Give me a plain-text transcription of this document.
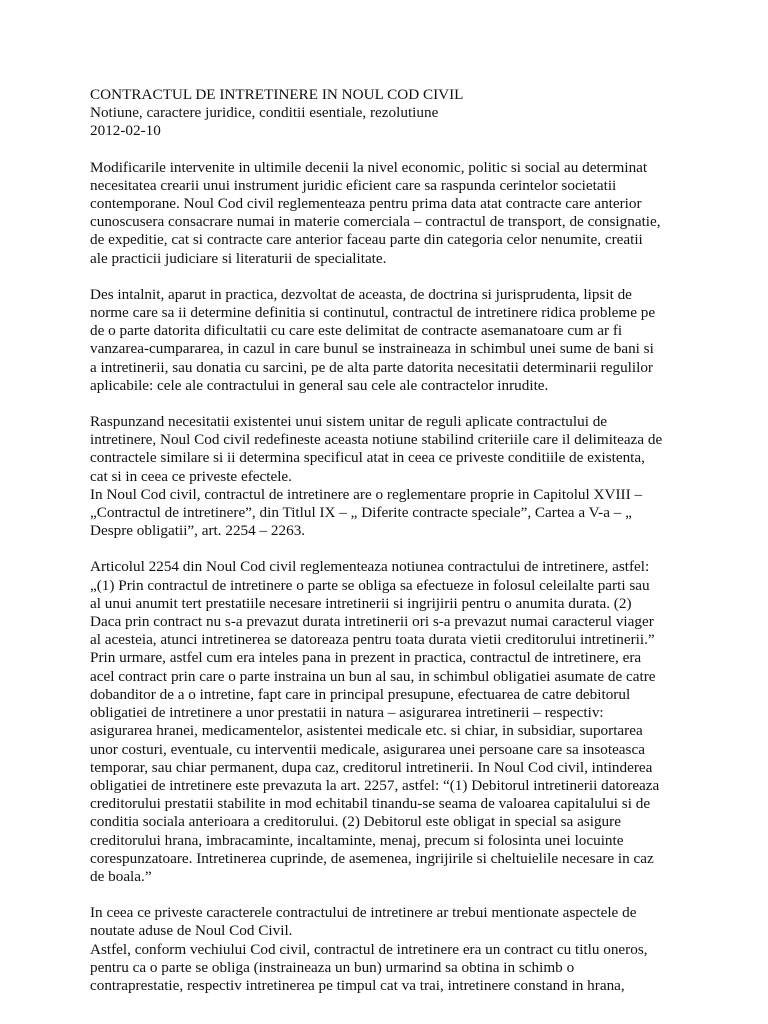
CONTRACTUL DE INTRETINERE IN NOUL COD CIVIL

Notiune, caractere juridice, conditii esentiale, rezolutiune

2012-02-10

Modificarile intervenite in ultimile decenii la nivel economic, politic si social au determinat

necesitatea crearii unui instrument juridic eficient care sa raspunda cerintelor societatii

contemporane. Noul Cod civil reglementeaza pentru prima data atat contracte care anterior

cunoscusera consacrare numai in materie comerciala – contractul de transport, de consignatie,

de expeditie, cat si contracte care anterior faceau parte din categoria celor nenumite, creatii

ale practicii judiciare si literaturii de specialitate.

Des intalnit, aparut in practica, dezvoltat de aceasta, de doctrina si jurisprudenta, lipsit de

norme care sa ii determine definitia si continutul, contractul de intretinere ridica probleme pe

de o parte datorita dificultatii cu care este delimitat de contracte asemanatoare cum ar fi

vanzarea-cumpararea, in cazul in care bunul se instraineaza in schimbul unei sume de bani si

a intretinerii, sau donatia cu sarcini, pe de alta parte datorita necesitatii determinarii regulilor

aplicabile: cele ale contractului in general sau cele ale contractelor inrudite.

Raspunzand necesitatii existentei unui sistem unitar de reguli aplicate contractului de

intretinere, Noul Cod civil redefineste aceasta notiune stabilind criteriile care il delimiteaza de

contractele similare si ii determina specificul atat in ceea ce priveste conditiile de existenta,

cat si in ceea ce priveste efectele.

In Noul Cod civil, contractul de intretinere are o reglementare proprie in Capitolul XVIII –

„Contractul de intretinere”, din Titlul IX – „ Diferite contracte speciale”, Cartea a V-a – „

Despre obligatii”, art. 2254 – 2263.

Articolul 2254 din Noul Cod civil reglementeaza notiunea contractului de intretinere, astfel:

„(1) Prin contractul de intretinere o parte se obliga sa efectueze in folosul celeilalte parti sau

al unui anumit tert prestatiile necesare intretinerii si ingrijirii pentru o anumita durata. (2)

Daca prin contract nu s-a prevazut durata intretinerii ori s-a prevazut numai caracterul viager

al acesteia, atunci intretinerea se datoreaza pentru toata durata vietii creditorului intretinerii.”

Prin urmare, astfel cum era inteles pana in prezent in practica, contractul de intretinere, era

acel contract prin care o parte instraina un bun al sau, in schimbul obligatiei asumate de catre

dobanditor de a o intretine, fapt care in principal presupune, efectuarea de catre debitorul

obligatiei de intretinere a unor prestatii in natura – asigurarea intretinerii – respectiv:

asigurarea hranei, medicamentelor, asistentei medicale etc. si chiar, in subsidiar, suportarea

unor costuri, eventuale, cu interventii medicale, asigurarea unei persoane care sa insoteasca

temporar, sau chiar permanent, dupa caz, creditorul intretinerii. In Noul Cod civil, intinderea

obligatiei de intretinere este prevazuta la art. 2257, astfel: “(1) Debitorul intretinerii datoreaza

creditorului prestatii stabilite in mod echitabil tinandu-se seama de valoarea capitalului si de

conditia sociala anterioara a creditorului. (2) Debitorul este obligat in special sa asigure

creditorului hrana, imbracaminte, incaltaminte, menaj, precum si folosinta unei locuinte

corespunzatoare. Intretinerea cuprinde, de asemenea, ingrijirile si cheltuielile necesare in caz

de boala.”

In ceea ce priveste caracterele contractului de intretinere ar trebui mentionate aspectele de

noutate aduse de Noul Cod Civil.

Astfel, conform vechiului Cod civil, contractul de intretinere era un contract cu titlu oneros,

pentru ca o parte se obliga (instraineaza un bun) urmarind sa obtina in schimb o

contraprestatie, respectiv intretinerea pe timpul cat va trai, intretinere constand in hrana,
